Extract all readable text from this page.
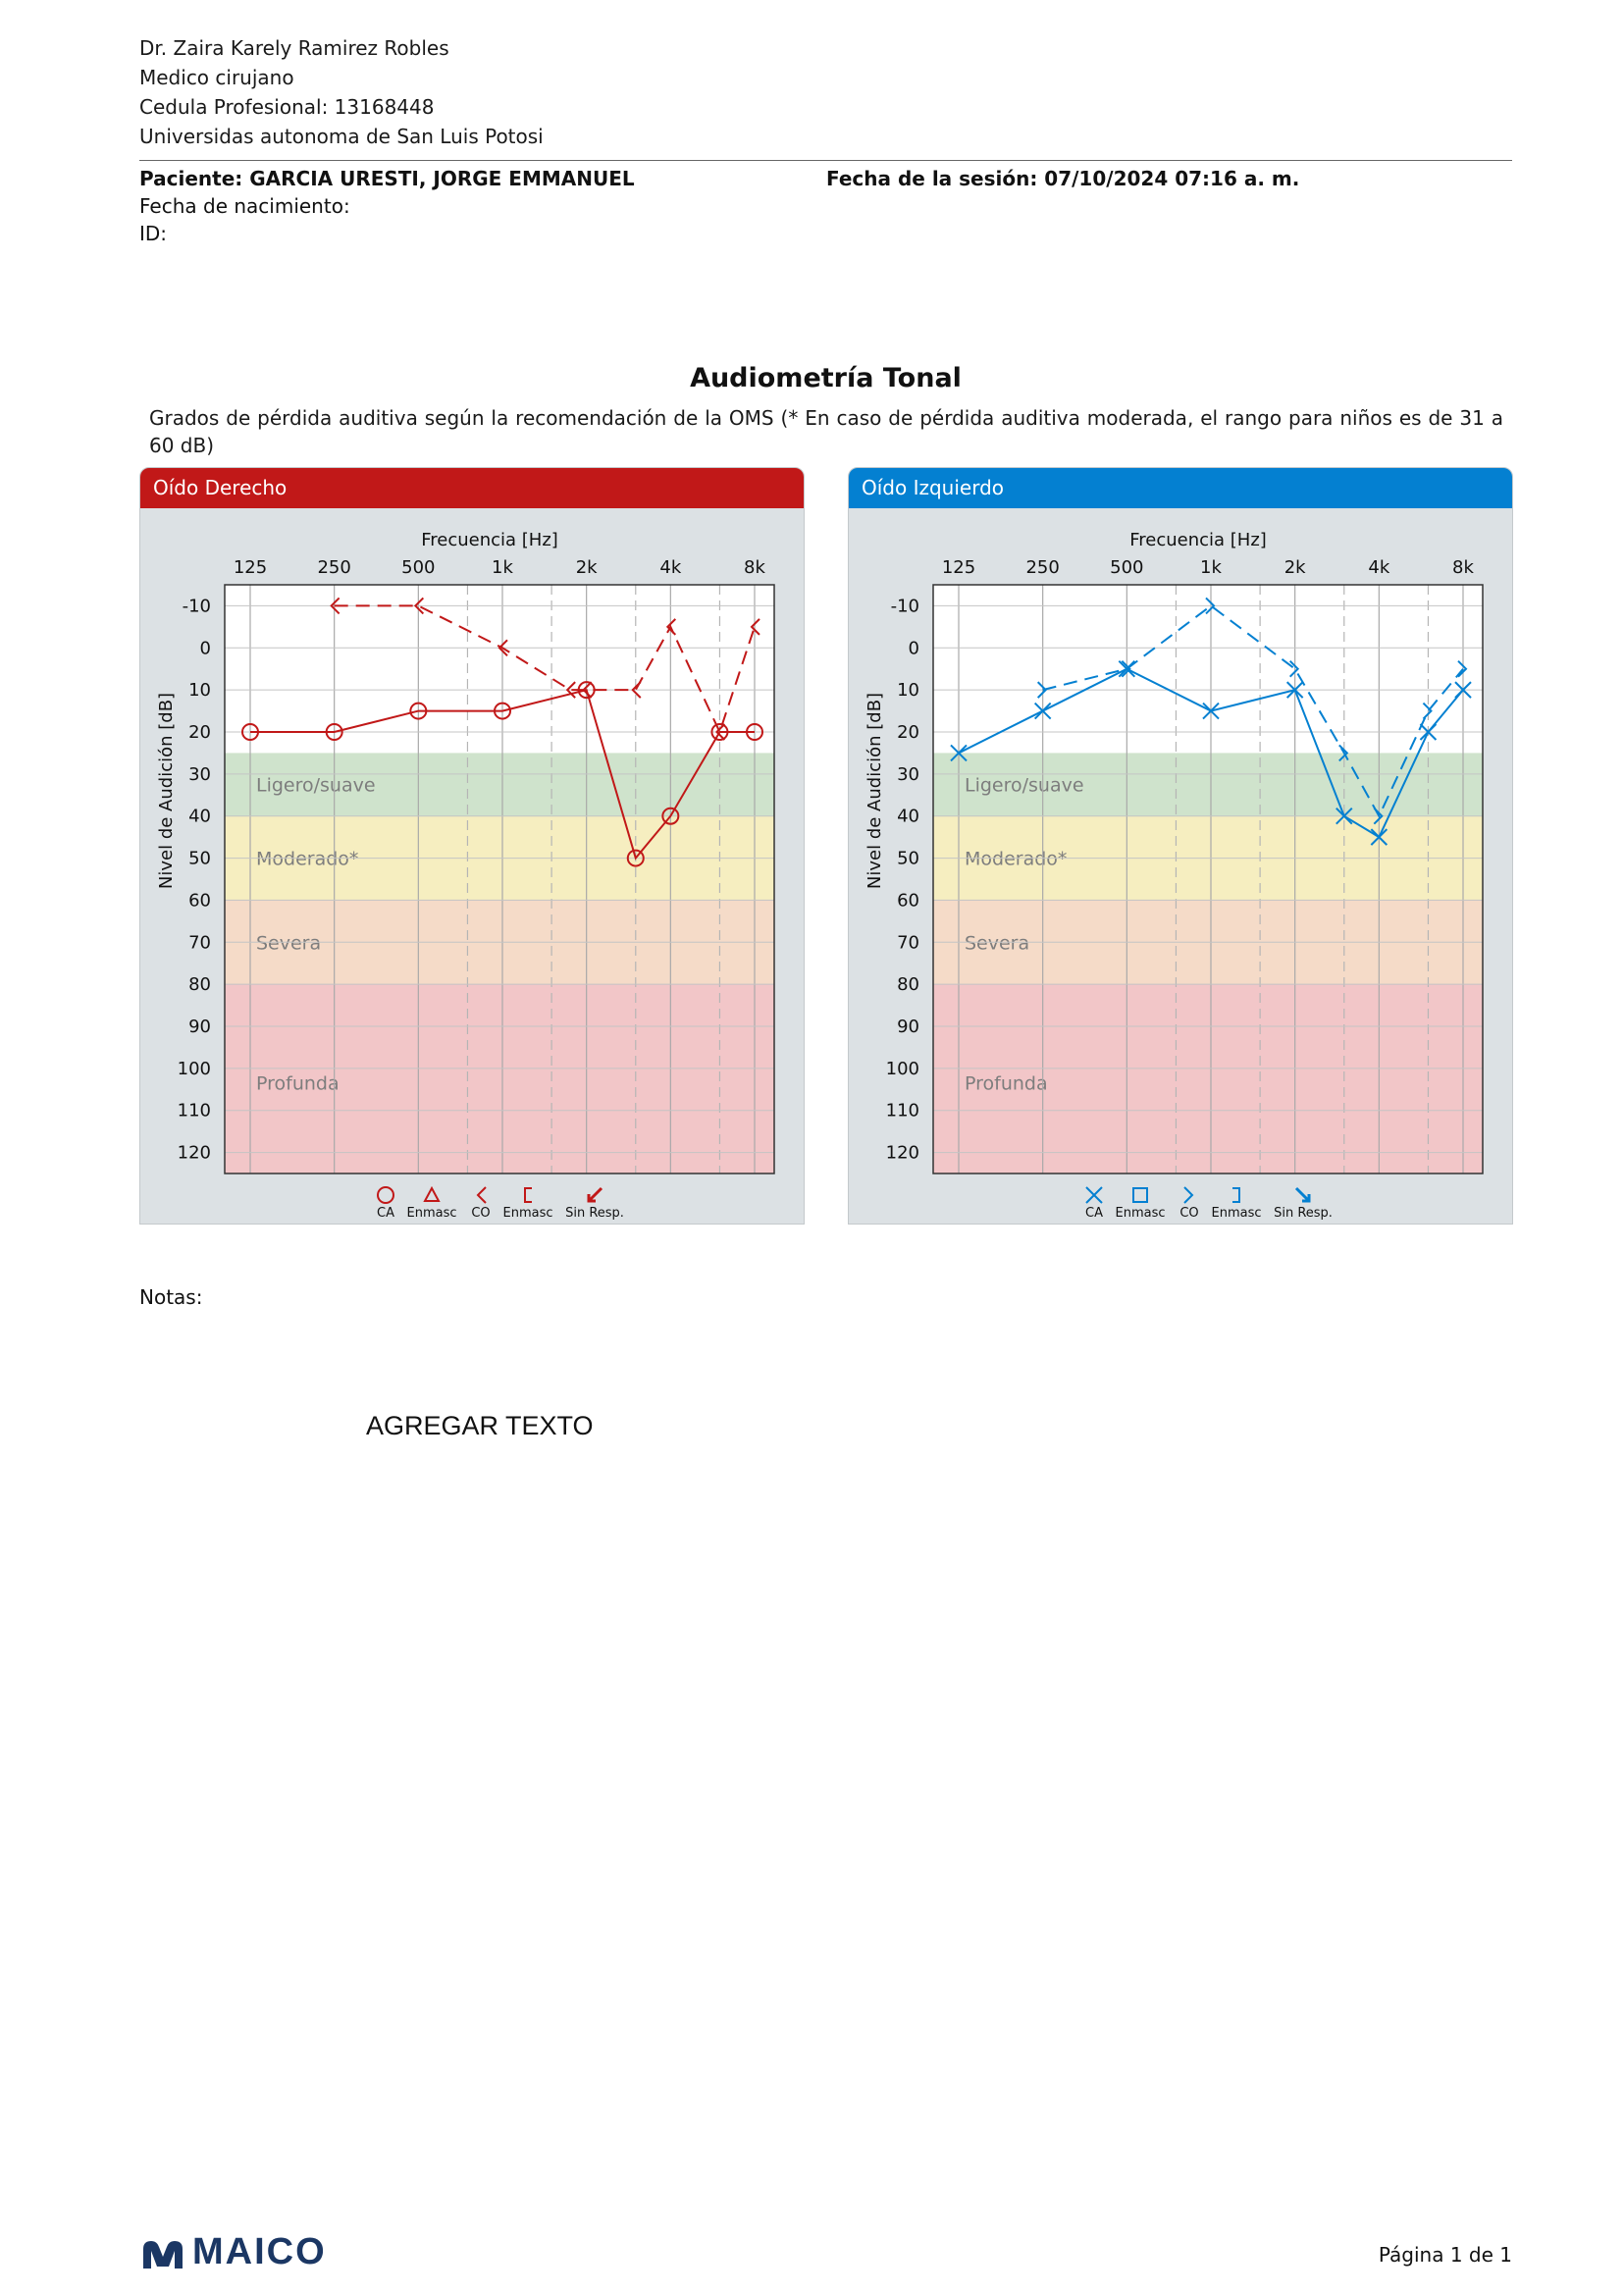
Dr. Zaira Karely Ramirez Robles
Medico cirujano
Cedula Profesional: 13168448
Universidas autonoma de San Luis Potosi
Paciente: GARCIA URESTI, JORGE EMMANUEL
Fecha de nacimiento:
ID:
Fecha de la sesión: 07/10/2024 07:16 a. m.
Audiometría Tonal
Grados de pérdida auditiva según la recomendación de la OMS (* En caso de pérdida auditiva moderada, el rango para niños es de 31 a 60 dB)
Oído Derecho
Ligero/suave
Moderado*
Severa
Profunda
125	250	500	1k	2k	4k	8k
Frecuencia [Hz]
-10
0
10
20
30
40
50
60
70
80
90
100
110
120
Nivel de Audición [dB]
CA Enmasc CO Enmasc Sin Resp.
Oído Izquierdo
Ligero/suave
Moderado*
Severa
Profunda
125	250	500	1k	2k	4k	8k
Frecuencia [Hz]
-10
0
10
20
30
40
50
60
70
80
90
100
110
120
Nivel de Audición [dB]
CA Enmasc CO Enmasc Sin Resp.
Notas:
AGREGAR TEXTO
MAICO	Página 1 de 1
